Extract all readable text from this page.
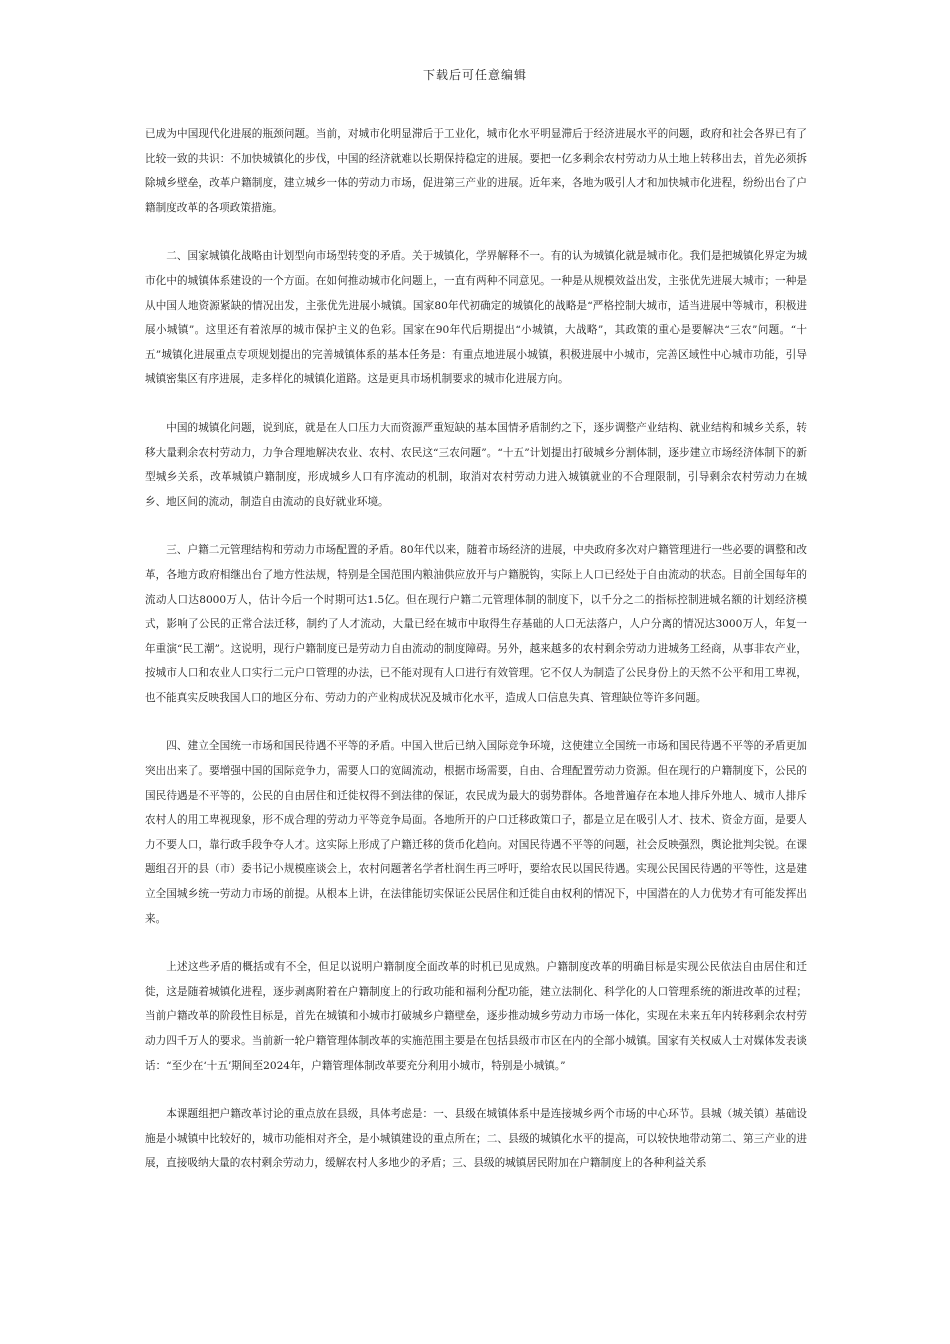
下载后可任意编辑

已成为中国现代化进展的瓶颈问题。当前，对城市化明显滞后于工业化，城市化水平明显滞后于经济进展水平的问题，政府和社会各界已有了比较一致的共识：不加快城镇化的步伐，中国的经济就难以长期保持稳定的进展。要把一亿多剩余农村劳动力从土地上转移出去，首先必须拆除城乡壁垒，改革户籍制度，建立城乡一体的劳动力市场，促进第三产业的进展。近年来，各地为吸引人才和加快城市化进程，纷纷出台了户籍制度改革的各项政策措施。

二、国家城镇化战略由计划型向市场型转变的矛盾。关于城镇化，学界解释不一。有的认为城镇化就是城市化。我们是把城镇化界定为城市化中的城镇体系建设的一个方面。在如何推动城市化问题上，一直有两种不同意见。一种是从规模效益出发，主张优先进展大城市；一种是从中国人地资源紧缺的情况出发，主张优先进展小城镇。国家80年代初确定的城镇化的战略是“严格控制大城市，适当进展中等城市，积极进展小城镇”。这里还有着浓厚的城市保护主义的色彩。国家在90年代后期提出“小城镇，大战略”，其政策的重心是要解决“三农”问题。“十五”城镇化进展重点专项规划提出的完善城镇体系的基本任务是：有重点地进展小城镇，积极进展中小城市，完善区域性中心城市功能，引导城镇密集区有序进展，走多样化的城镇化道路。这是更具市场机制要求的城市化进展方向。

中国的城镇化问题，说到底，就是在人口压力大而资源严重短缺的基本国情矛盾制约之下，逐步调整产业结构、就业结构和城乡关系，转移大量剩余农村劳动力，力争合理地解决农业、农村、农民这“三农问题”。“十五”计划提出打破城乡分割体制，逐步建立市场经济体制下的新型城乡关系，改革城镇户籍制度，形成城乡人口有序流动的机制，取消对农村劳动力进入城镇就业的不合理限制，引导剩余农村劳动力在城乡、地区间的流动，制造自由流动的良好就业环境。

三、户籍二元管理结构和劳动力市场配置的矛盾。80年代以来，随着市场经济的进展，中央政府多次对户籍管理进行一些必要的调整和改革，各地方政府相继出台了地方性法规，特别是全国范围内粮油供应放开与户籍脱钩，实际上人口已经处于自由流动的状态。目前全国每年的流动人口达8000万人，估计今后一个时期可达1.5亿。但在现行户籍二元管理体制的制度下，以千分之二的指标控制进城名额的计划经济模式，影响了公民的正常合法迁移，制约了人才流动，大量已经在城市中取得生存基础的人口无法落户，人户分离的情况达3000万人，年复一年重演“民工潮”。这说明，现行户籍制度已是劳动力自由流动的制度障碍。另外，越来越多的农村剩余劳动力进城务工经商，从事非农产业，按城市人口和农业人口实行二元户口管理的办法，已不能对现有人口进行有效管理。它不仅人为制造了公民身份上的天然不公平和用工卑视，也不能真实反映我国人口的地区分布、劳动力的产业构成状况及城市化水平，造成人口信息失真、管理缺位等许多问题。

四、建立全国统一市场和国民待遇不平等的矛盾。中国入世后已纳入国际竞争环境，这使建立全国统一市场和国民待遇不平等的矛盾更加突出出来了。要增强中国的国际竞争力，需要人口的宽阔流动，根据市场需要，自由、合理配置劳动力资源。但在现行的户籍制度下，公民的国民待遇是不平等的，公民的自由居住和迁徙权得不到法律的保证，农民成为最大的弱势群体。各地普遍存在本地人排斥外地人、城市人排斥农村人的用工卑视现象，形不成合理的劳动力平等竞争局面。各地所开的户口迁移政策口子，都是立足在吸引人才、技术、资金方面，是要人力不要人口，靠行政手段争夺人才。这实际上形成了户籍迁移的货币化趋向。对国民待遇不平等的问题，社会反映强烈，舆论批判尖锐。在课题组召开的县（市）委书记小规模座谈会上，农村问题著名学者杜润生再三呼吁，要给农民以国民待遇。实现公民国民待遇的平等性，这是建立全国城乡统一劳动力市场的前提。从根本上讲，在法律能切实保证公民居住和迁徙自由权利的情况下，中国潜在的人力优势才有可能发挥出来。

上述这些矛盾的概括或有不全，但足以说明户籍制度全面改革的时机已见成熟。户籍制度改革的明确目标是实现公民依法自由居住和迁徙，这是随着城镇化进程，逐步剥离附着在户籍制度上的行政功能和福利分配功能，建立法制化、科学化的人口管理系统的渐进改革的过程；当前户籍改革的阶段性目标是，首先在城镇和小城市打破城乡户籍壁垒，逐步推动城乡劳动力市场一体化，实现在未来五年内转移剩余农村劳动力四千万人的要求。当前新一轮户籍管理体制改革的实施范围主要是在包括县级市市区在内的全部小城镇。国家有关权威人士对媒体发表谈话：“至少在‘十五’期间至2024年，户籍管理体制改革要充分利用小城市，特别是小城镇。”

本课题组把户籍改革讨论的重点放在县级，具体考虑是：一、县级在城镇体系中是连接城乡两个市场的中心环节。县城（城关镇）基础设施是小城镇中比较好的，城市功能相对齐全，是小城镇建设的重点所在；二、县级的城镇化水平的提高，可以较快地带动第二、第三产业的进展，直接吸纳大量的农村剩余劳动力，缓解农村人多地少的矛盾；三、县级的城镇居民附加在户籍制度上的各种利益关系
